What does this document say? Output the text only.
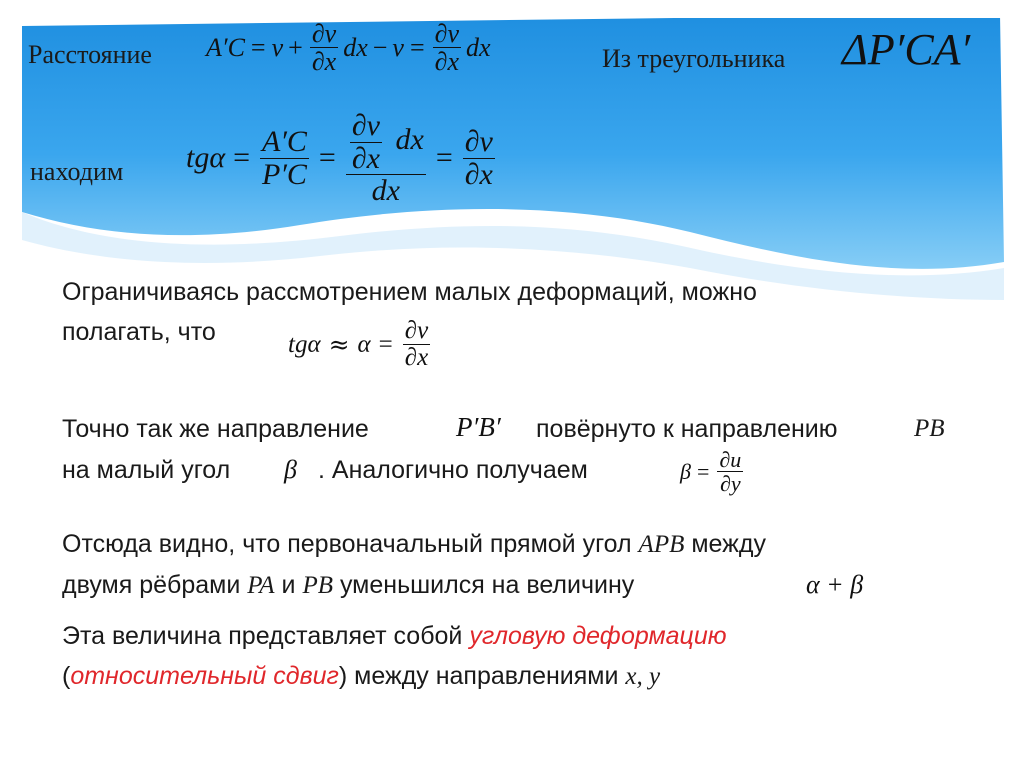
Расстояние $A'C = v + \frac{\partial v}{\partial x}$ dx − $v = \frac{\partial v}{\partial x}$ dx	Из треугольника ΔP′CA′
находим $tg\alpha = \frac{A'C}{P'C} = \frac{\frac{\partial v}{\partial x} dx}{dx} = \frac{\partial v}{\partial x}$
Ограничиваясь рассмотрением малых деформаций, можно
полагать, что	$tg\alpha \approx \alpha = \frac{\partial v}{\partial x}$
Точно так же направление	P′B′ повёрнуто к направлению	PB
на малый угол β . Аналогично получаем	$\beta = \frac{\partial u}{\partial y}$
Отсюда видно, что первоначальный прямой угол APB между
двумя рёбрами PA и PB уменьшился на величину	α + β
Эта величина представляет собой угловую деформацию
(относительный сдвиг) между направлениями x, y
